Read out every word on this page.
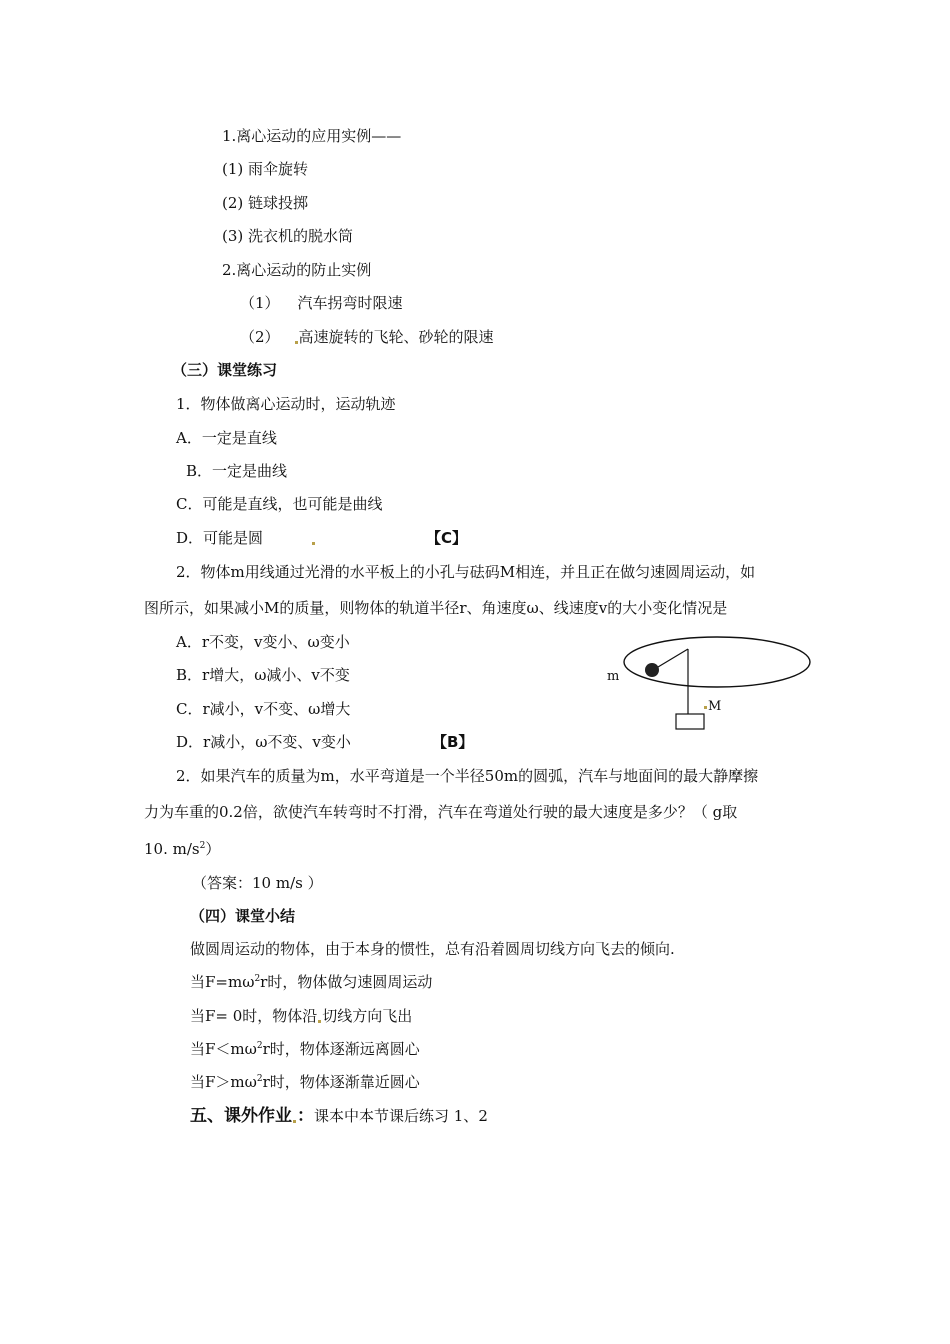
1.离心运动的应用实例——
(1) 雨伞旋转
(2) 链球投掷
(3) 洗衣机的脱水筒
2.离心运动的防止实例
（1） 汽车拐弯时限速
（2） 高速旋转的飞轮、砂轮的限速
（三）课堂练习
1．物体做离心运动时，运动轨迹
A．一定是直线
B．一定是曲线
C．可能是直线，也可能是曲线
D．可能是圆	【C】
2．物体m用线通过光滑的水平板上的小孔与砝码M相连，并且正在做匀速圆周运动，如
图所示，如果减小M的质量，则物体的轨道半径r、角速度ω、线速度v的大小变化情况是
A．r不变，v变小、ω变小
B．r增大，ω减小、v不变
C．r减小，v不变、ω增大
D．r减小，ω不变、v变小	【B】
m
M
2．如果汽车的质量为m，水平弯道是一个半径50m的圆弧，汽车与地面间的最大静摩擦
力为车重的0.2倍，欲使汽车转弯时不打滑，汽车在弯道处行驶的最大速度是多少？（ g取
10. $m/s^2$）
（答案：10 m/s ）
（四）课堂小结
做圆周运动的物体，由于本身的惯性，总有沿着圆周切线方向飞去的倾向.
当$F=m\omega^2r$时，物体做匀速圆周运动
当F= 0时，物体沿 切线方向飞出
当$F<m\omega^2r$时，物体逐渐远离圆心
当$F>m\omega^2r$时，物体逐渐靠近圆心
五、课外作业 ：课本中本节课后练习 1、2
